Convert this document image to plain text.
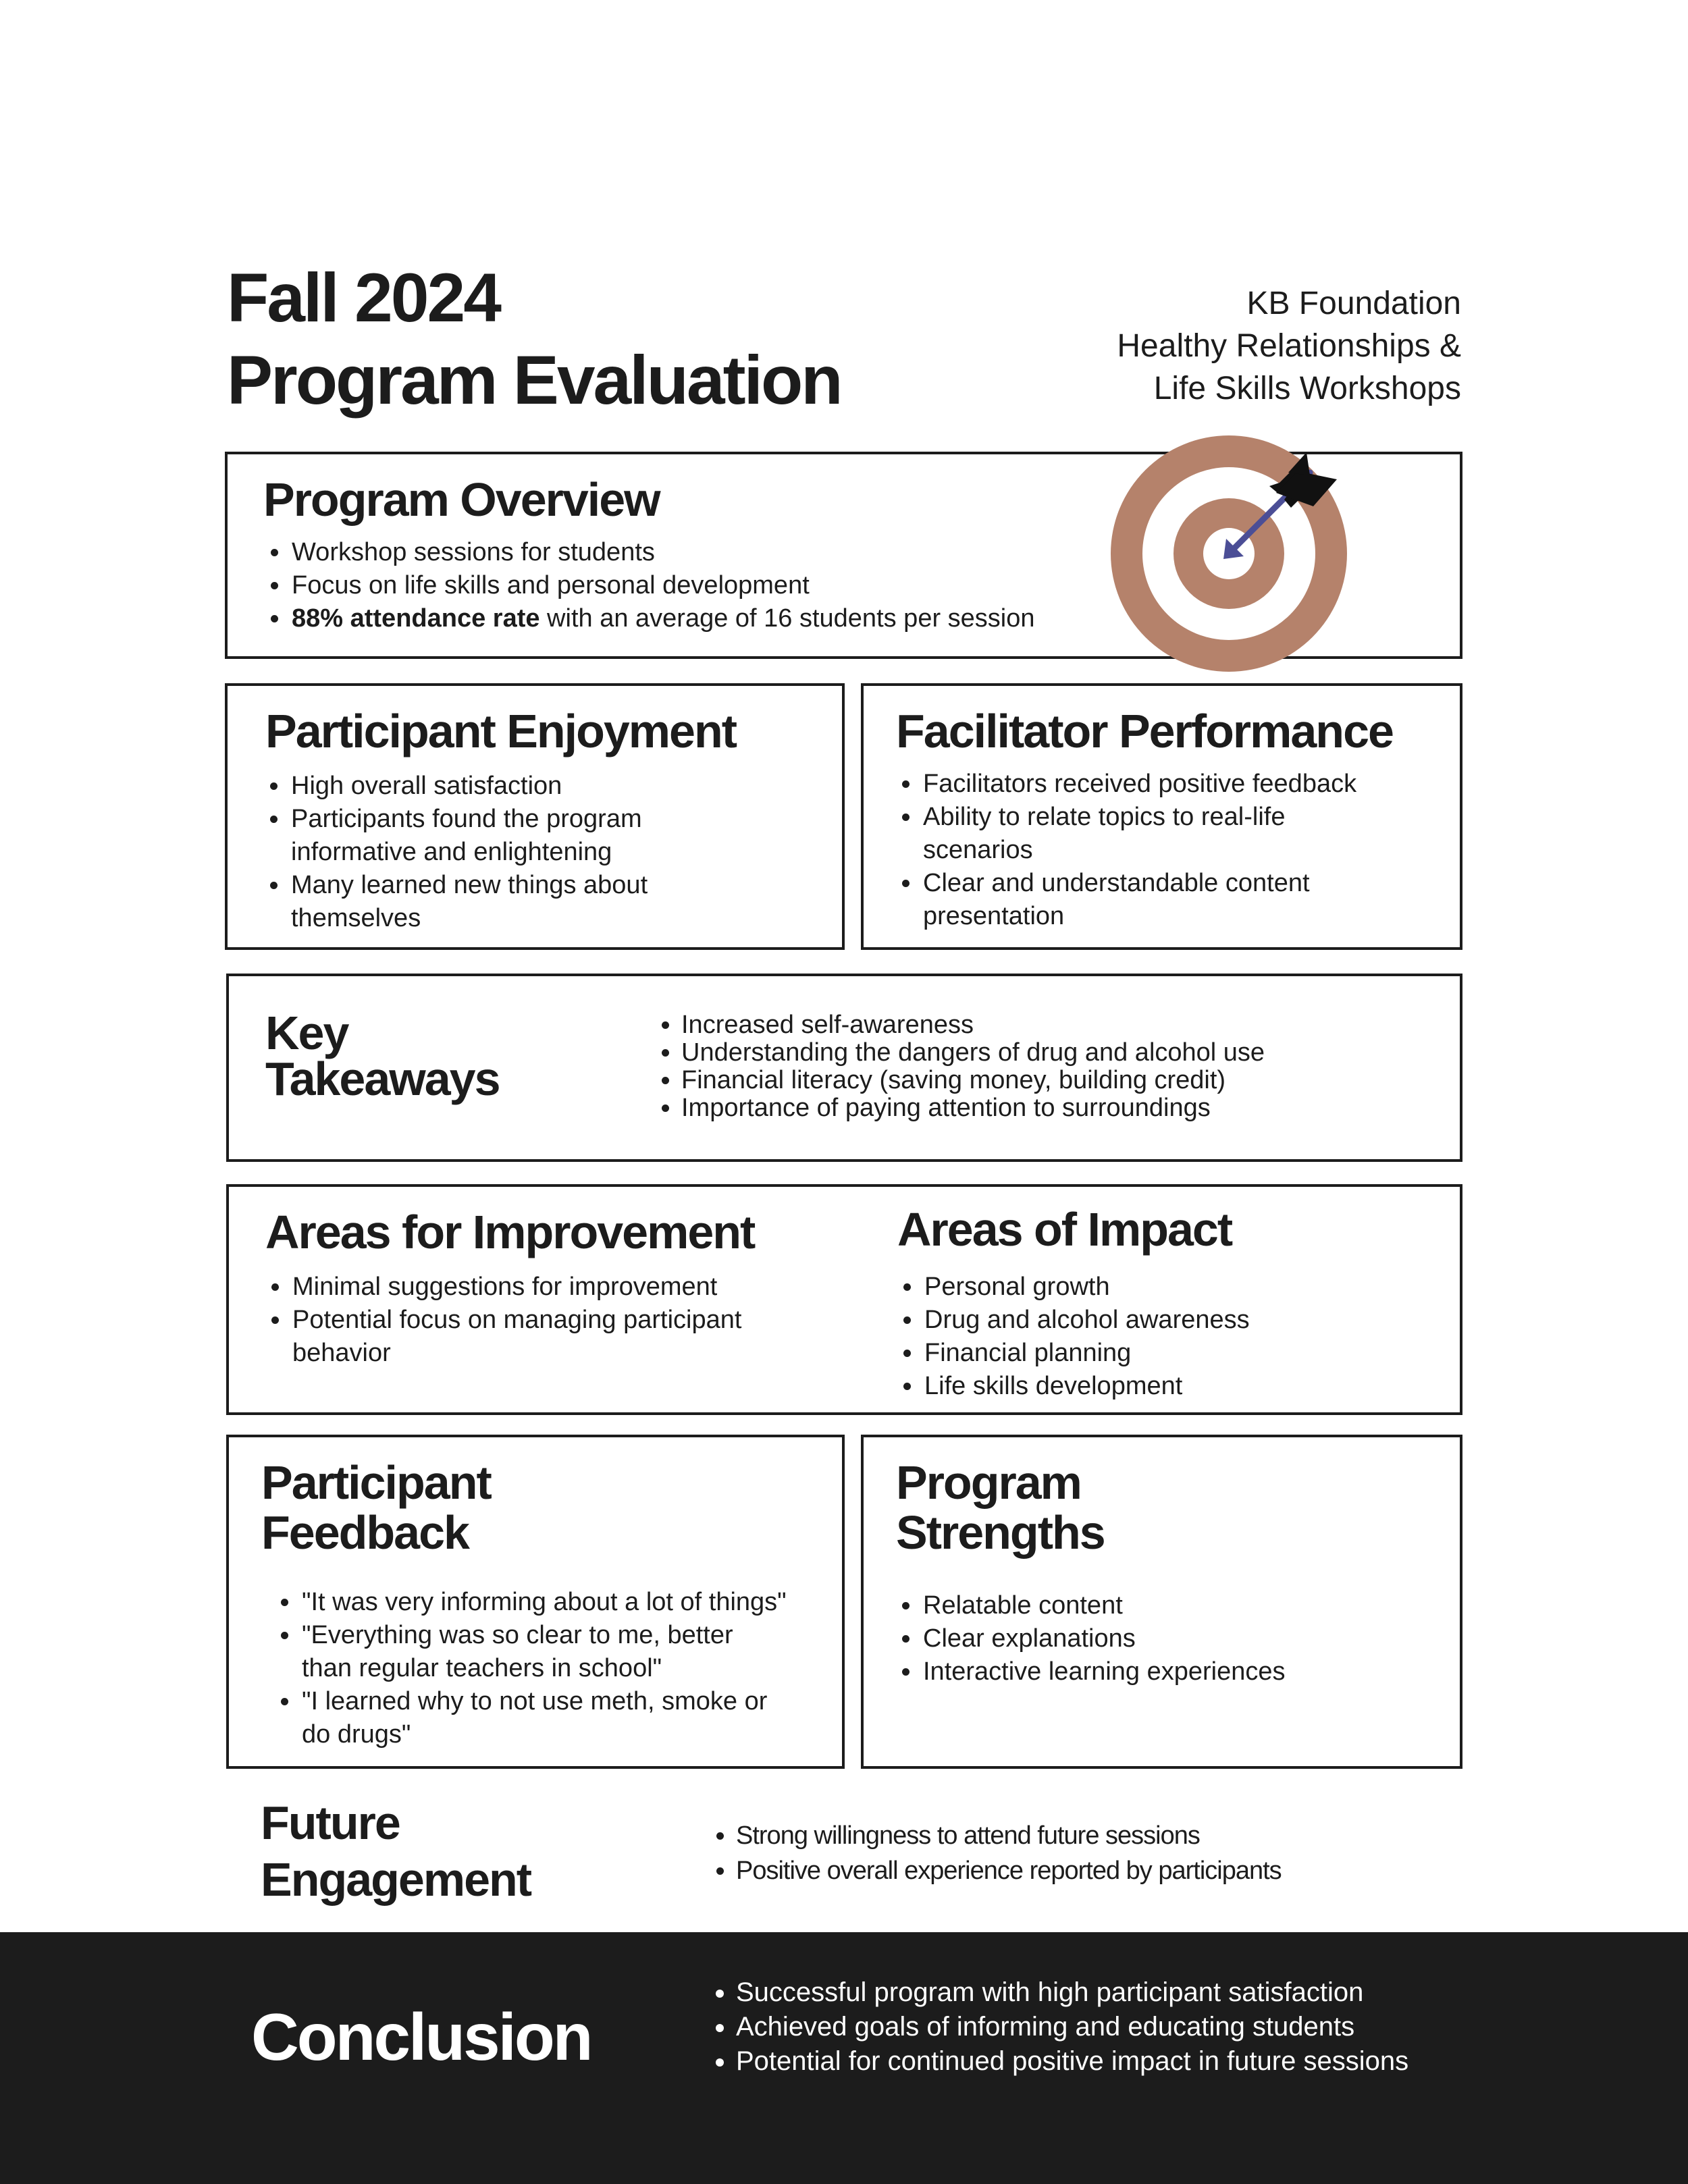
Fall 2024
Program Evaluation
KB Foundation
Healthy Relationships &
Life Skills Workshops
Program Overview
• Workshop sessions for students
• Focus on life skills and personal development
• 88% attendance rate with an average of 16 students per session
Participant Enjoyment
• High overall satisfaction
• Participants found the program informative and enlightening
• Many learned new things about themselves
Facilitator Performance
• Facilitators received positive feedback
• Ability to relate topics to real-life scenarios
• Clear and understandable content presentation
Key
Takeaways
• Increased self-awareness
• Understanding the dangers of drug and alcohol use
• Financial literacy (saving money, building credit)
• Importance of paying attention to surroundings
Areas for Improvement
• Minimal suggestions for improvement
• Potential focus on managing participant behavior
Areas of Impact
• Personal growth
• Drug and alcohol awareness
• Financial planning
• Life skills development
Participant
Feedback
• "It was very informing about a lot of things"
• "Everything was so clear to me, better than regular teachers in school"
• "I learned why to not use meth, smoke or do drugs"
Program
Strengths
• Relatable content
• Clear explanations
• Interactive learning experiences
Future
Engagement
• Strong willingness to attend future sessions
• Positive overall experience reported by participants
Conclusion
• Successful program with high participant satisfaction
• Achieved goals of informing and educating students
• Potential for continued positive impact in future sessions
